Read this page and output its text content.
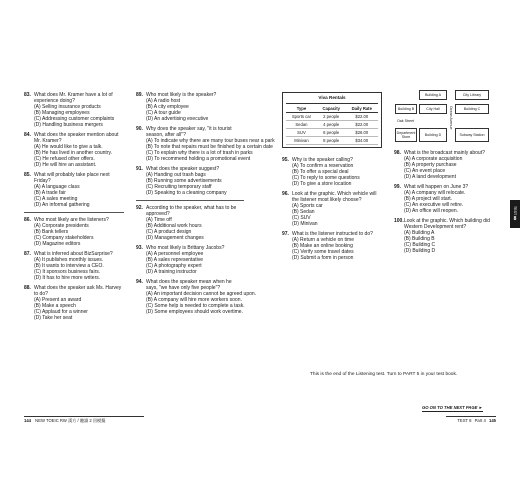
83. What does Mr. Kramer have a lot of experience doing?
(A) Selling insurance products
(B) Managing employees
(C) Addressing customer complaints
(D) Handling business mergers
84. What does the speaker mention about Mr. Kramer?
(A) He would like to give a talk.
(B) He has lived in another country.
(C) He refused other offers.
(D) He will hire an assistant.
85. What will probably take place next Friday?
(A) A language class
(B) A trade fair
(C) A sales meeting
(D) An informal gathering
86. Who most likely are the listeners?
(A) Corporate presidents
(B) Bank tellers
(C) Company stakeholders
(D) Magazine editors
87. What is inferred about BizSurprise?
(A) It publishes monthly issues.
(B) It wants to interview a CEO.
(C) It sponsors business fairs.
(D) It has to hire more writers.
88. What does the speaker ask Ms. Harvey to do?
(A) Present an award
(B) Make a speech
(C) Applaud for a winner
(D) Take her seat
89. Who most likely is the speaker?
(A) A radio host
(B) A city employee
(C) A tour guide
(D) An advertising executive
90. Why does the speaker say, "it is tourist season, after all"?
(A) To indicate why there are many tour buses near a park
(B) To note that repairs must be finished by a certain date
(C) To explain why there is a lot of trash in parks
(D) To recommend holding a promotional event
91. What does the speaker suggest?
(A) Handing out trash bags
(B) Running some advertisements
(C) Recruiting temporary staff
(D) Speaking to a cleaning company
92. According to the speaker, what has to be approved?
(A) Time off
(B) Additional work hours
(C) A product design
(D) Management changes
93. Who most likely is Brittany Jacobs?
(A) A personnel employee
(B) A sales representative
(C) A photography expert
(D) A training instructor
94. What does the speaker mean when he says, "we have only five people"?
(A) An important decision cannot be agreed upon.
(B) A company will hire more workers soon.
(C) Some help is needed to complete a task.
(D) Some employees should work overtime.
Viva Rentals
Type	Capacity	Daily Rate
Sports car	2 people	$22.00
Sedan	4 people	$22.00
SUV	6 people	$26.00
Minivan	8 people	$34.00
95. Why is the speaker calling?
(A) To confirm a reservation
(B) To offer a special deal
(C) To reply to some questions
(D) To give a store location
96. Look at the graphic. Which vehicle will the listener most likely choose?
(A) Sports car
(B) Sedan
(C) SUV
(D) Minivan
97. What is the listener instructed to do?
(A) Return a vehicle on time
(B) Make an online booking
(C) Verify some travel dates
(D) Submit a form in person
Building A	City Library
Building B	City Hall	Building C
Oak Street	Ocean Avenue
Department Store	Building D	Subway Station
98. What is the broadcast mainly about?
(A) A corporate acquisition
(B) A property purchase
(C) An event place
(D) A land development
99. What will happen on June 3?
(A) A company will relocate.
(B) A project will start.
(C) An executive will retire.
(D) An office will reopen.
100. Look at the graphic. Which building did Western Development rent?
(A) Building A
(B) Building B
(C) Building C
(D) Building D
TEST
8
This is the end of the Listening test. Turn to PART 5 in your test book.
GO ON TO THE NEXT PAGE ►
144 NEW TOEIC RW 漢方 / 聽讀 2 回模擬	TEST 8 Part 4 145
